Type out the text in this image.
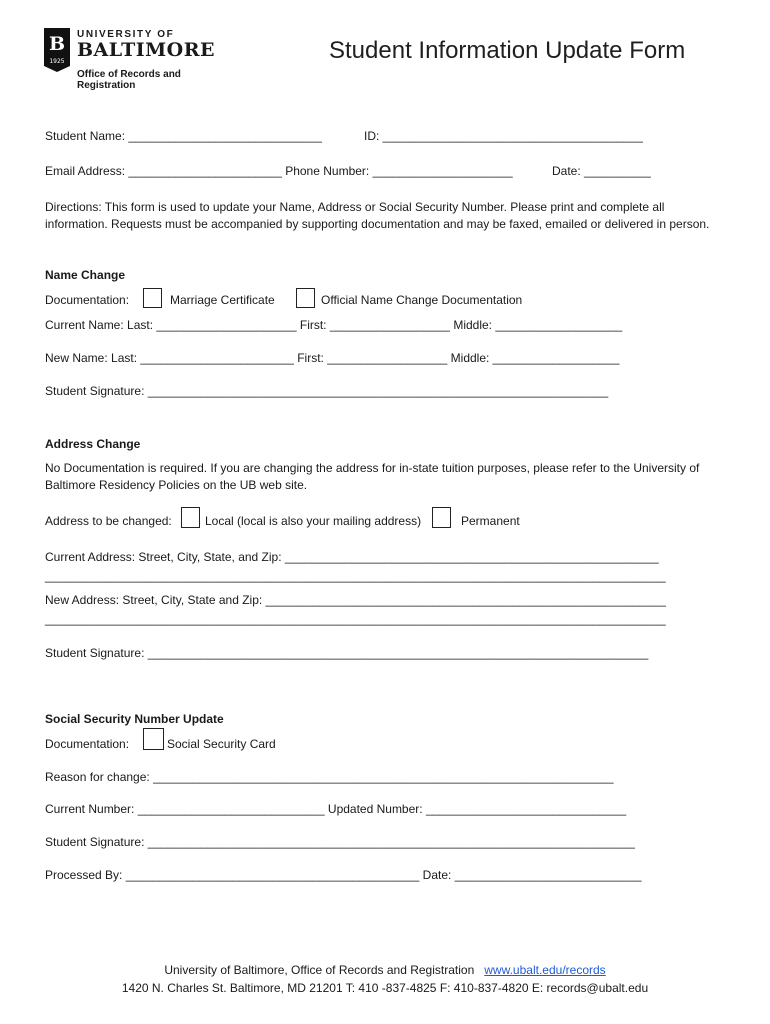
B
1925
UNIVERSITY OF
BALTIMORE
Office of Records and
Registration
Student Information Update Form
Student Name: _____________________________	ID: _______________________________________
Email Address: _______________________ Phone Number: _____________________	Date: __________
Directions: This form is used to update your Name, Address or Social Security Number. Please print and complete all information. Requests must be accompanied by supporting documentation and may be faxed, emailed or delivered in person.
Name Change
Documentation:	Marriage Certificate	Official Name Change Documentation
Current Name: Last: _____________________ First: __________________ Middle: ___________________
New Name: Last: _______________________ First: __________________ Middle: ___________________
Student Signature: _____________________________________________________________________
Address Change
No Documentation is required. If you are changing the address for in-state tuition purposes, please refer to the University of Baltimore Residency Policies on the UB web site.
Address to be changed:	Local (local is also your mailing address)	Permanent
Current Address: Street, City, State, and Zip: ________________________________________________________
_____________________________________________________________________________________________
New Address: Street, City, State and Zip: ____________________________________________________________
_____________________________________________________________________________________________
Student Signature: ___________________________________________________________________________
Social Security Number Update
Documentation:	Social Security Card
Reason for change: _____________________________________________________________________
Current Number: ____________________________ Updated Number: ______________________________
Student Signature: _________________________________________________________________________
Processed By: ____________________________________________ Date: ____________________________
University of Baltimore, Office of Records and Registration www.ubalt.edu/records
1420 N. Charles St. Baltimore, MD 21201 T: 410 -837-4825 F: 410-837-4820 E: records@ubalt.edu
